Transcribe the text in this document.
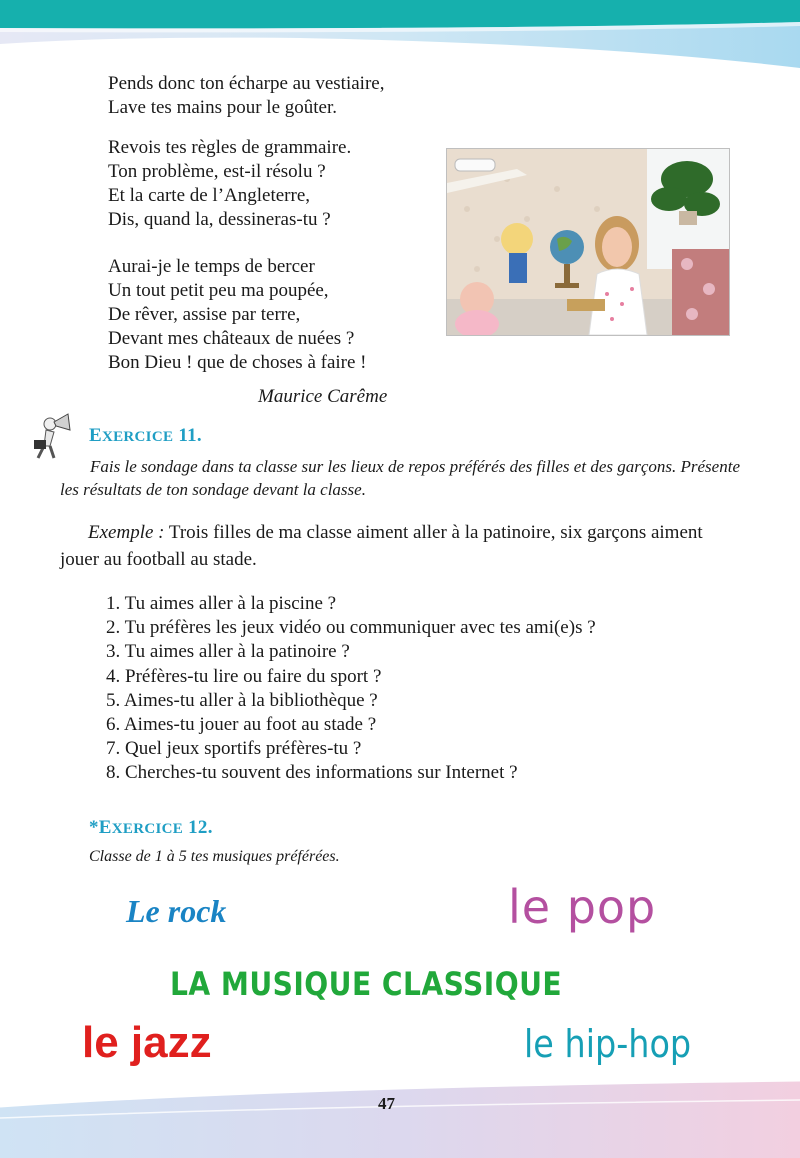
Pends donc ton écharpe au vestiaire,
Lave tes mains pour le goûter.
Revois tes règles de grammaire.
Ton problème, est-il résolu ?
Et la carte de l’Angleterre,
Dis, quand la, dessineras-tu ?
Aurai-je le temps de bercer
Un tout petit peu ma poupée,
De rêver, assise par terre,
Devant mes châteaux de nuées ?
Bon Dieu ! que de choses à faire !
Maurice Carême
EXERCICE 11.
Fais le sondage dans ta classe sur les lieux de repos préférés des filles et des garçons. Présente les résultats de ton sondage devant la classe.
Exemple : Trois filles de ma classe aiment aller à la patinoire, six garçons aiment jouer au football au stade.
1. Tu aimes aller à la piscine ?
2. Tu préfères les jeux vidéo ou communiquer avec tes ami(e)s ?
3. Tu aimes aller à la patinoire ?
4. Préfères-tu lire ou faire du sport ?
5. Aimes-tu aller à la bibliothèque ?
6. Aimes-tu jouer au foot au stade ?
7. Quel jeux sportifs préfères-tu ?
8. Cherches-tu souvent des informations sur Internet ?
*EXERCICE 12.
Classe de 1 à 5 tes musiques préférées.
Le rock	le pop
LA MUSIQUE CLASSIQUE
le jazz	le hip-hop
47
